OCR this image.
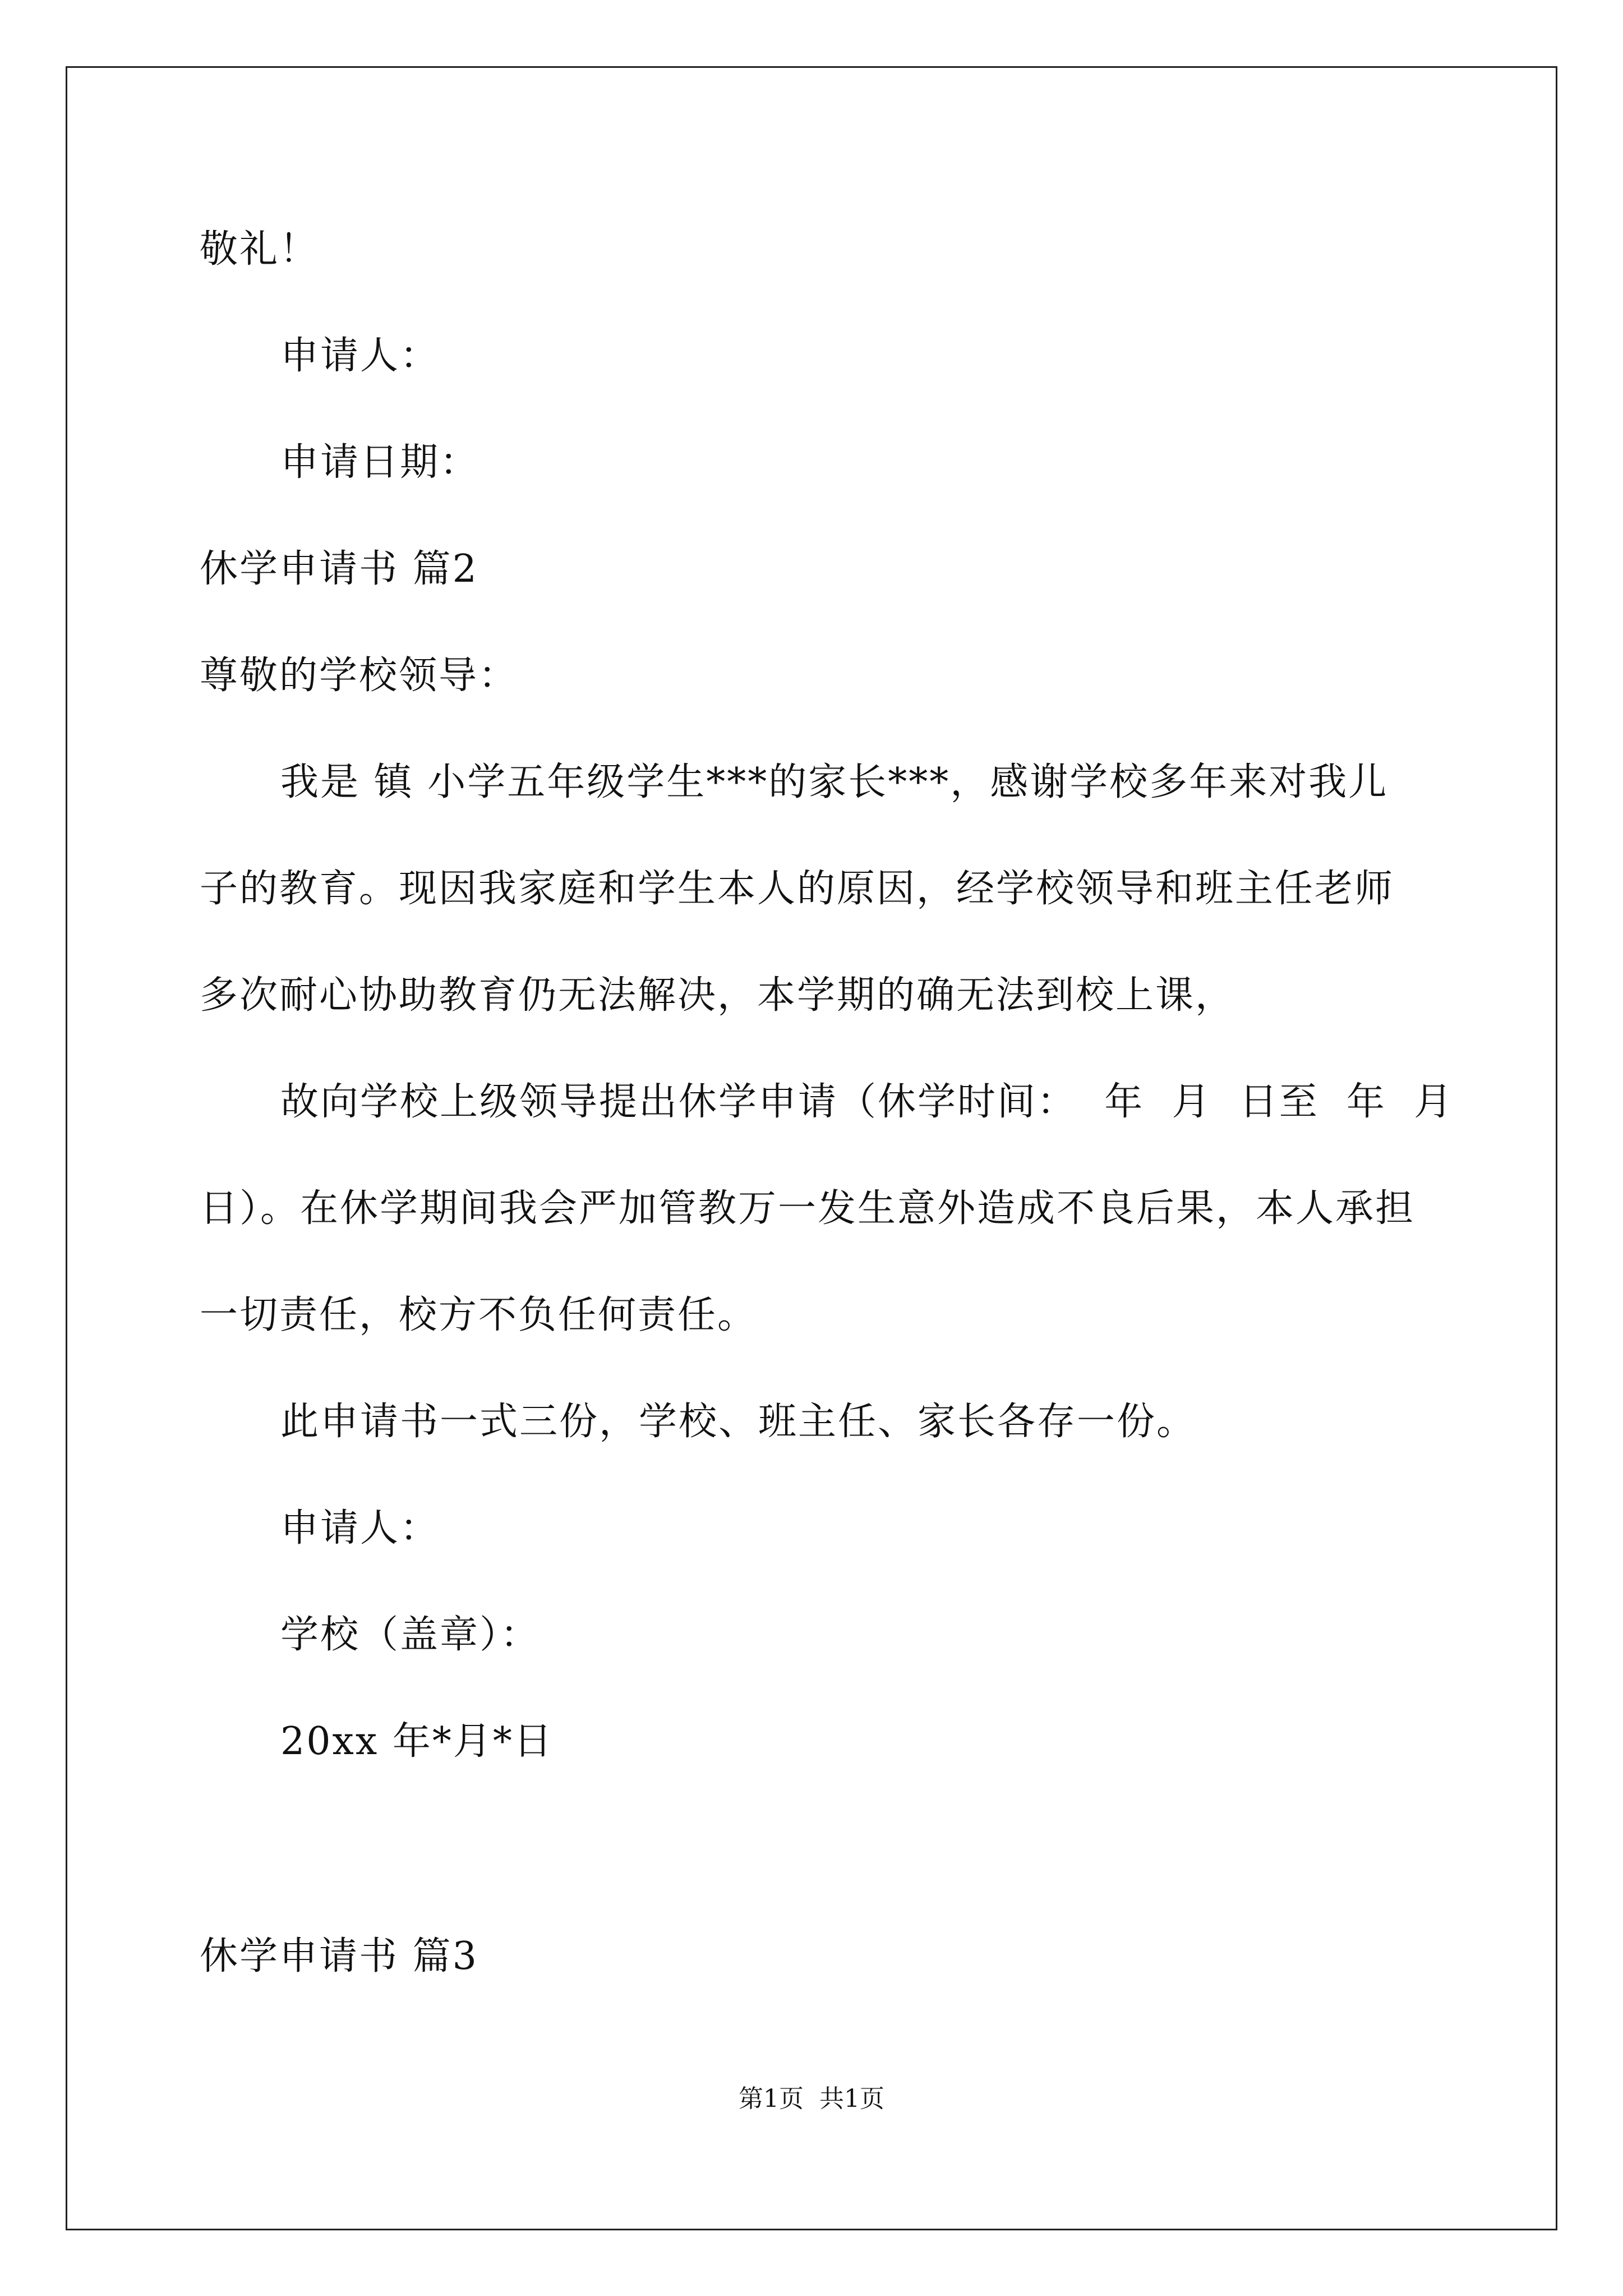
敬礼！
申请人：
申请日期：
休学申请书 篇2
尊敬的学校领导：
我是 镇 小学五年级学生***的家长***，感谢学校多年来对我儿
子的教育。现因我家庭和学生本人的原因，经学校领导和班主任老师
多次耐心协助教育仍无法解决，本学期的确无法到校上课，
故向学校上级领导提出休学申请（休学时间：  年  月  日至  年  月
日）。在休学期间我会严加管教万一发生意外造成不良后果，本人承担
一切责任，校方不负任何责任。
此申请书一式三份，学校、班主任、家长各存一份。
申请人：
学校（盖章）：
20xx 年*月*日
休学申请书 篇3
第1页  共1页
